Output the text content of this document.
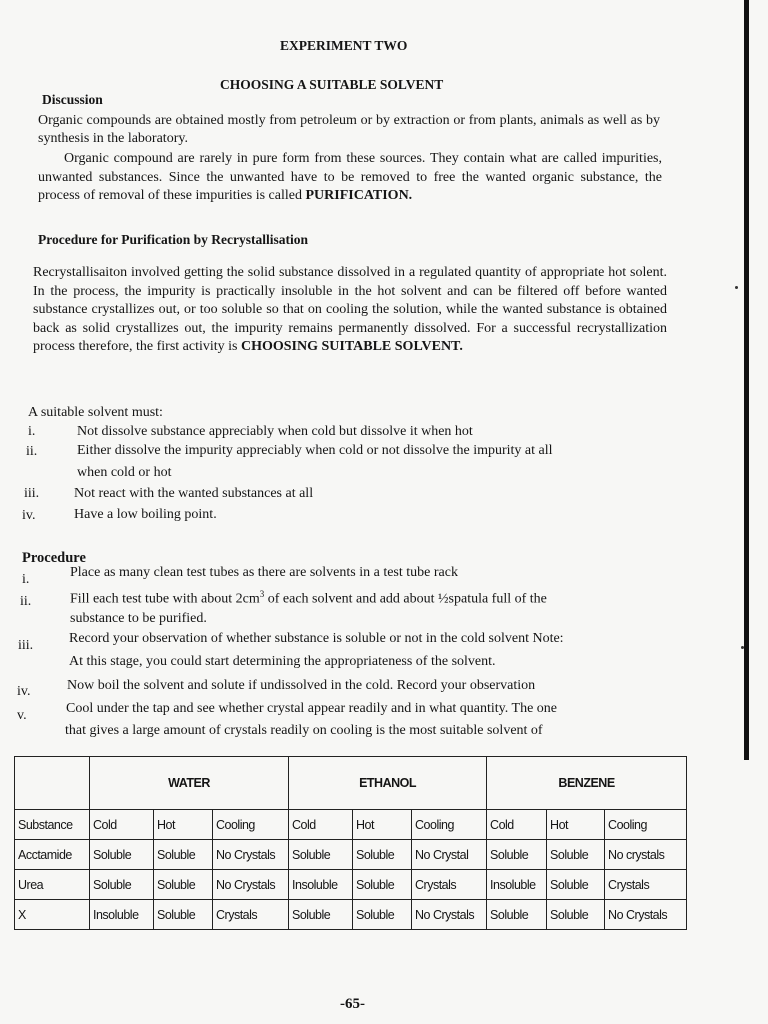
EXPERIMENT TWO
CHOOSING A SUITABLE SOLVENT
Discussion
Organic compounds are obtained mostly from petroleum or by extraction or from plants, animals as well as by synthesis in the laboratory.
Organic compound are rarely in pure form from these sources. They contain what are called impurities, unwanted substances. Since the unwanted have to be removed to free the wanted organic substance, the process of removal of these impurities is called PURIFICATION.
Procedure for Purification by Recrystallisation
Recrystallisaiton involved getting the solid substance dissolved in a regulated quantity of appropriate hot solent. In the process, the impurity is practically insoluble in the hot solvent and can be filtered off before wanted substance crystallizes out, or too soluble so that on cooling the solution, while the wanted substance is obtained back as solid crystallizes out, the impurity remains permanently dissolved. For a successful recrystallization process therefore, the first activity is CHOOSING SUITABLE SOLVENT.
A suitable solvent must:
i.	Not dissolve substance appreciably when cold but dissolve it when hot
ii.	Either dissolve the impurity appreciably when cold or not dissolve the impurity at all
when cold or hot
iii. Not react with the wanted substances at all
iv.	Have a low boiling point.
Procedure
i.	Place as many clean test tubes as there are solvents in a test tube rack
ii.	Fill each test tube with about $2cm^3$ of each solvent and add about ½spatula full of the
substance to be purified.
iii.	Record your observation of whether substance is soluble or not in the cold solvent Note:
At this stage, you could start determining the appropriateness of the solvent.
iv.	Now boil the solvent and solute if undissolved in the cold. Record your observation
v.	Cool under the tap and see whether crystal appear readily and in what quantity. The one
that gives a large amount of crystals readily on cooling is the most suitable solvent of
	WATER			ETHANOL			BENZENE		
Substance	Cold	Hot	Cooling	Cold	Hot	Cooling	Cold	Hot	Cooling
Acctamide	Soluble	Soluble	No Crystals	Soluble	Soluble	No Crystal	Soluble	Soluble	No crystals
Urea	Soluble	Soluble	No Crystals	Insoluble	Soluble	Crystals	Insoluble	Soluble	Crystals
X	Insoluble	Soluble	Crystals	Soluble	Soluble	No Crystals	Soluble	Soluble	No Crystals
-65-
